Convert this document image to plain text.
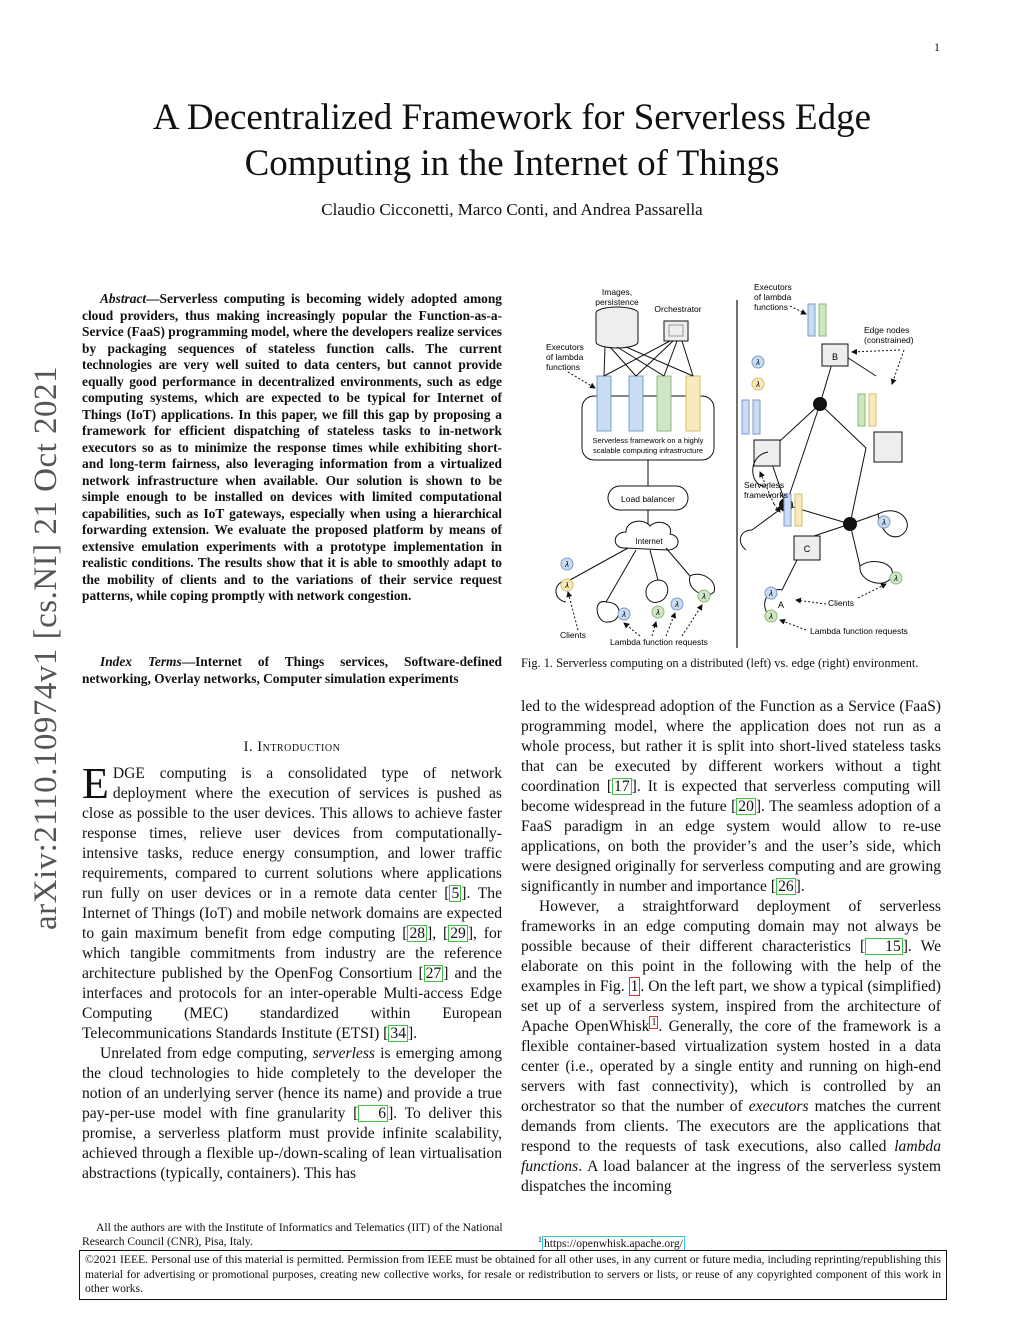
1
arXiv:2110.10974v1 [cs.NI] 21 Oct 2021
A Decentralized Framework for Serverless Edge
Computing in the Internet of Things
Claudio Cicconetti, Marco Conti, and Andrea Passarella

Abstract—Serverless computing is becoming widely adopted among cloud providers, thus making increasingly popular the Function-as-a-Service (FaaS) programming model, where the developers realize services by packaging sequences of stateless function calls. The current technologies are very well suited to data centers, but cannot provide equally good performance in decentralized environments, such as edge computing systems, which are expected to be typical for Internet of Things (IoT) applications. In this paper, we fill this gap by proposing a framework for efficient dispatching of stateless tasks to in-network executors so as to minimize the response times while exhibiting short- and long-term fairness, also leveraging information from a virtualized network infrastructure when available. Our solution is shown to be simple enough to be installed on devices with limited computational capabilities, such as IoT gateways, especially when using a hierarchical forwarding extension. We evaluate the proposed platform by means of extensive emulation experiments with a prototype implementation in realistic conditions. The results show that it is able to smoothly adapt to the mobility of clients and to the variations of their service request patterns, while coping promptly with network congestion.

Index Terms—Internet of Things services, Software-defined networking, Overlay networks, Computer simulation experiments

I. Introduction

EDGE computing is a consolidated type of network deployment where the execution of services is pushed as close as possible to the user devices. This allows to achieve faster response times, relieve user devices from computationally-intensive tasks, reduce energy consumption, and lower traffic requirements, compared to current solutions where applications run fully on user devices or in a remote data center [ 5 ]. The Internet of Things (IoT) and mobile network domains are expected to gain maximum benefit from edge computing [ 28 ], [ 29 ], for which tangible commitments from industry are the reference architecture published by the OpenFog Consortium [ 27 ] and the interfaces and protocols for an inter-operable Multi-access Edge Computing (MEC) standardized within European Telecommunications Standards Institute (ETSI) [ 34 ].

Unrelated from edge computing, serverless is emerging among the cloud technologies to hide completely to the developer the notion of an underlying server (hence its name) and provide a true pay-per-use model with fine granularity [ 6 ]. To deliver this promise, a serverless platform must provide infinite scalability, achieved through a flexible up-/down-scaling of lean virtualisation abstractions (typically, containers). This has

Images,
persistence
Orchestrator
Executors
of lambda
functions
Serverless framework on a highly
scalable computing infrastructure
Load balancer
Internet
λ
λ
λ	λ
λ
λ
Clients
Lambda function requests
Executors
of lambda
functions
Edge nodes
(constrained)
B
C
λ
λ
λ
λ
λ
λ
A
Serverless
frameworks
Clients
Lambda function requests
Fig. 1. Serverless computing on a distributed (left) vs. edge (right) environment.

led to the widespread adoption of the Function as a Service (FaaS) programming model, where the application does not run as a whole process, but rather it is split into short-lived stateless tasks that can be executed by different workers without a tight coordination [ 17 ]. It is expected that serverless computing will become widespread in the future [ 20 ]. The seamless adoption of a FaaS paradigm in an edge system would allow to re-use applications, on both the provider’s and the user’s side, which were designed originally for serverless computing and are growing significantly in number and importance [ 26 ].

However, a straightforward deployment of serverless frameworks in an edge computing domain may not always be possible because of their different characteristics [ 15 ]. We elaborate on this point in the following with the help of the examples in Fig. 1 . On the left part, we show a typical (simplified) set up of a serverless system, inspired from the architecture of Apache OpenWhisk $^1$ . Generally, the core of the framework is a flexible container-based virtualization system hosted in a data center (i.e., operated by a single entity and running on high-end servers with fast connectivity), which is controlled by an orchestrator so that the number of executors matches the current demands from clients. The executors are the applications that respond to the requests of task executions, also called lambda functions. A load balancer at the ingress of the serverless system dispatches the incoming

All the authors are with the Institute of Informatics and Telematics (IIT) of the National Research Council (CNR), Pisa, Italy.	$^1$ https://openwhisk.apache.org/
©2021 IEEE. Personal use of this material is permitted. Permission from IEEE must be obtained for all other uses, in any current or future media, including reprinting/republishing this material for advertising or promotional purposes, creating new collective works, for resale or redistribution to servers or lists, or reuse of any copyrighted component of this work in other works.
